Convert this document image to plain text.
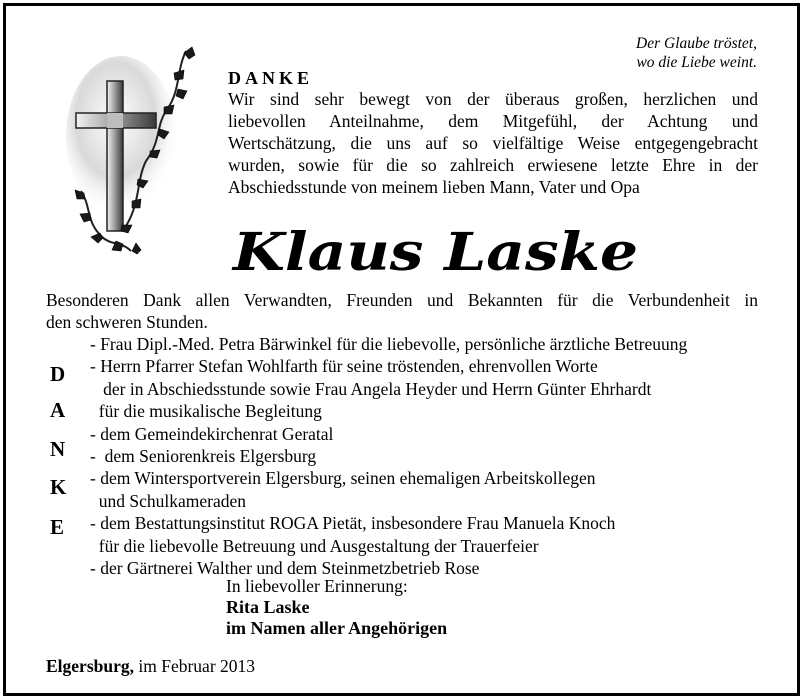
Der Glaube tröstet,
wo die Liebe weint.
DANKE
Wir sind sehr bewegt von der überaus großen, herzlichen und
liebevollen Anteilnahme, dem Mitgefühl, der Achtung und
Wertschätzung, die uns auf so vielfältige Weise entgegengebracht
wurden, sowie für die so zahlreich erwiesene letzte Ehre in der
Abschiedsstunde von meinem lieben Mann, Vater und Opa
Klaus Laske
Besonderen Dank allen Verwandten, Freunden und Bekannten für die Verbundenheit in
den schweren Stunden.
- Frau Dipl.-Med. Petra Bärwinkel für die liebevolle, persönliche ärztliche Betreuung
- Herrn Pfarrer Stefan Wohlfarth für seine tröstenden, ehrenvollen Worte
der in Abschiedsstunde sowie Frau Angela Heyder und Herrn Günter Ehrhardt
für die musikalische Begleitung
- dem Gemeindekirchenrat Geratal
-  dem Seniorenkreis Elgersburg
- dem Wintersportverein Elgersburg, seinen ehemaligen Arbeitskollegen
und Schulkameraden
- dem Bestattungsinstitut ROGA Pietät, insbesondere Frau Manuela Knoch
für die liebevolle Betreuung und Ausgestaltung der Trauerfeier
- der Gärtnerei Walther und dem Steinmetzbetrieb Rose
D
A
N
K
E
In liebevoller Erinnerung:
Rita Laske
im Namen aller Angehörigen
Elgersburg, im Februar 2013
